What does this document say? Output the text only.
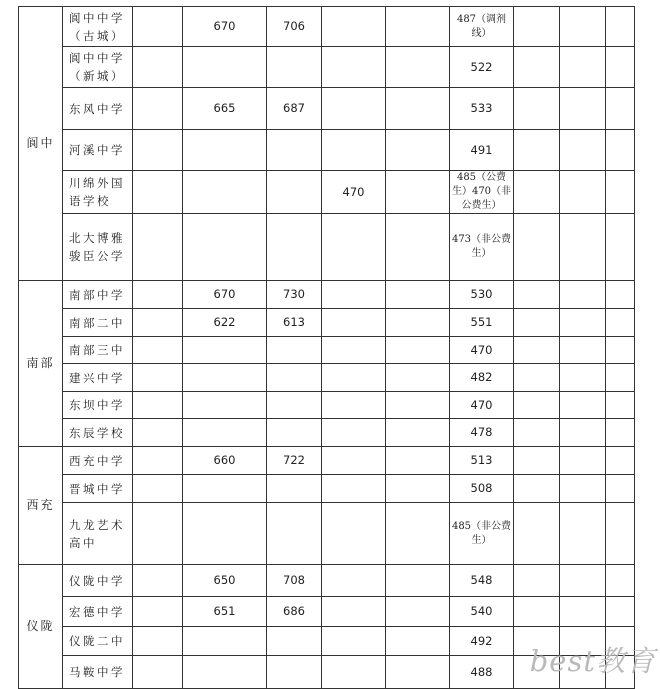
阆中	阆中中学（古城）		670	706			487（调剂线）			
	阆中中学（新城）						522			
	东风中学		665	687			533			
	河溪中学						491			
	川绵外国语学校				470		485（公费生）470（非公费生）			
	北大博雅骏臣公学						473（非公费生）			
南部	南部中学		670	730			530			
	南部二中		622	613			551			
	南部三中						470			
	建兴中学						482			
	东坝中学						470			
	东辰学校						478			
西充	西充中学		660	722			513			
	晋城中学						508			
	九龙艺术高中						485（非公费生）			
仪陇	仪陇中学		650	708			548			
	宏德中学		651	686			540			
	仪陇二中						492			
	马鞍中学						488			best教育
